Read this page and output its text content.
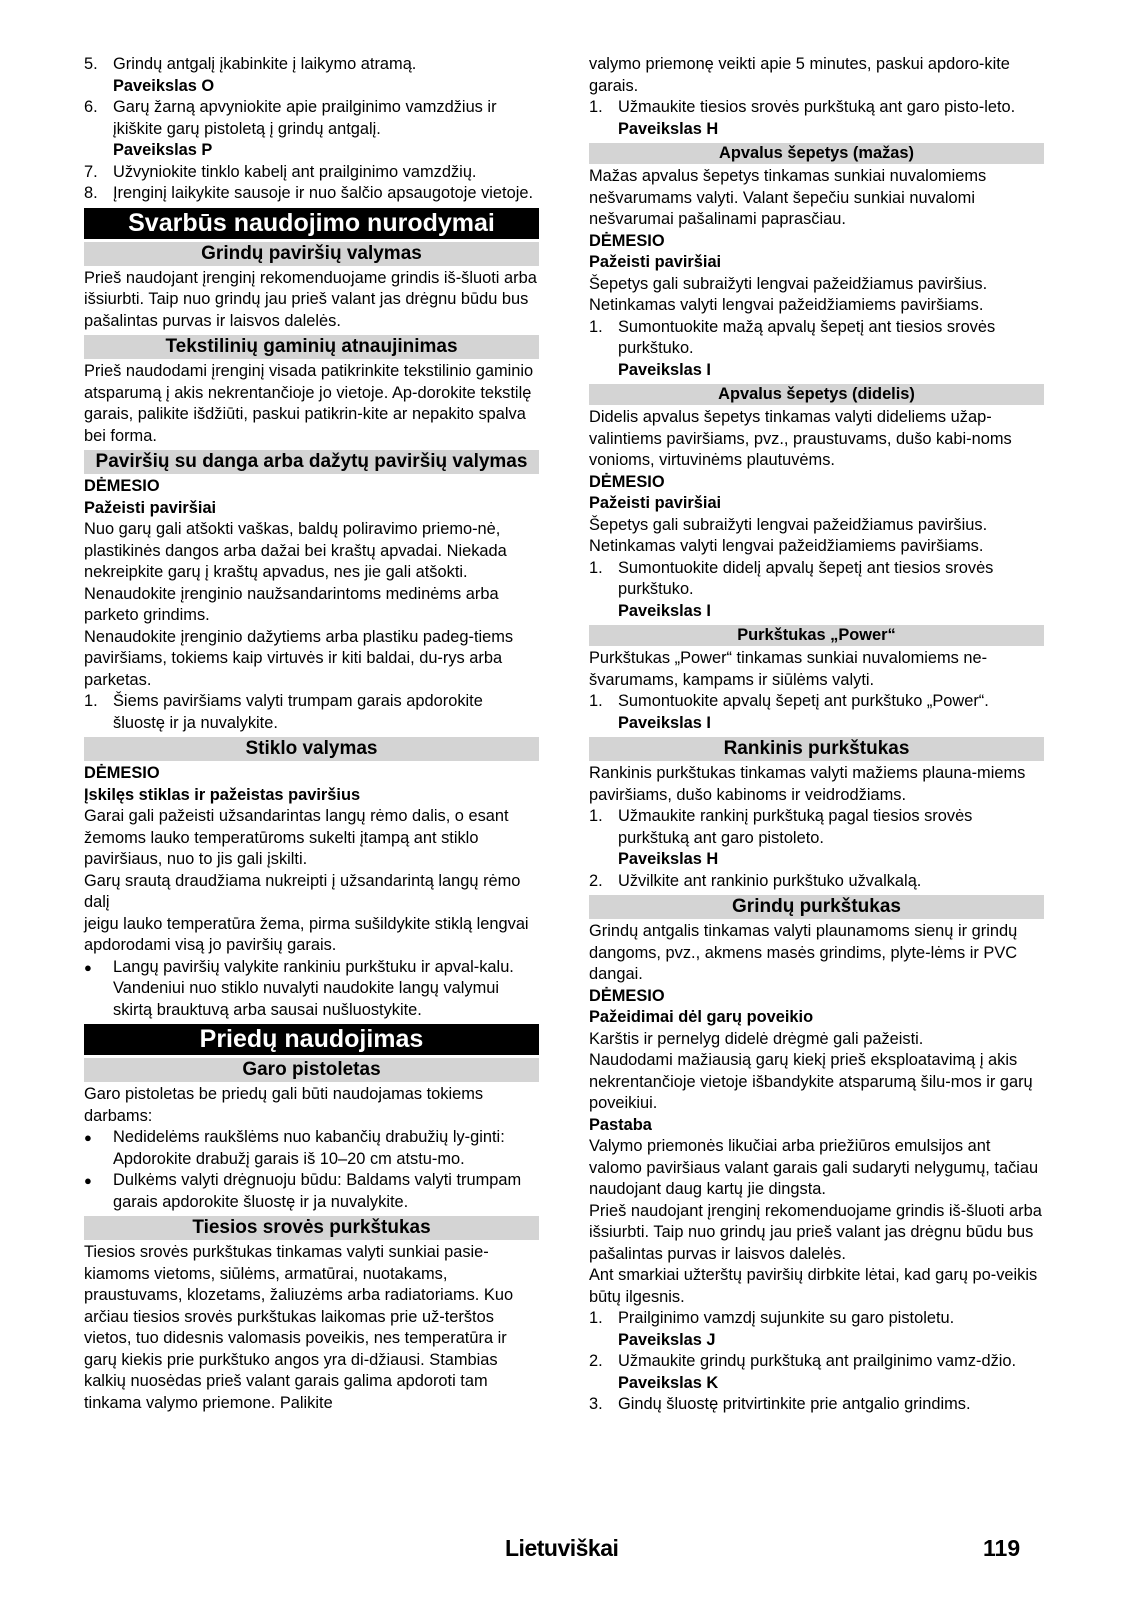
5. Grindų antgalį įkabinkite į laikymo atramą.

Paveikslas O

6. Garų žarną apvyniokite apie prailginimo vamzdžius ir įkiškite garų pistoletą į grindų antgalį.

Paveikslas P

7. Užvyniokite tinklo kabelį ant prailginimo vamzdžių.
8. Įrenginį laikykite sausoje ir nuo šalčio apsaugotoje vietoje.
Svarbūs naudojimo nurodymai
Grindų paviršių valymas

Prieš naudojant įrenginį rekomenduojame grindis iš-šluoti arba išsiurbti. Taip nuo grindų jau prieš valant jas drėgnu būdu bus pašalintas purvas ir laisvos dalelės.

Tekstilinių gaminių atnaujinimas

Prieš naudodami įrenginį visada patikrinkite tekstilinio gaminio atsparumą į akis nekrentančioje jo vietoje. Ap-dorokite tekstilę garais, palikite išdžiūti, paskui patikrin-kite ar nepakito spalva bei forma.

Paviršių su danga arba dažytų paviršių valymas

DĖMESIO

Pažeisti paviršiai

Nuo garų gali atšokti vaškas, baldų poliravimo priemo-nė, plastikinės dangos arba dažai bei kraštų apvadai. Niekada nekreipkite garų į kraštų apvadus, nes jie gali atšokti.

Nenaudokite įrenginio naužsandarintoms medinėms arba parketo grindims.

Nenaudokite įrenginio dažytiems arba plastiku padeg-tiems paviršiams, tokiems kaip virtuvės ir kiti baldai, du-rys arba parketas.

1. Šiems paviršiams valyti trumpam garais apdorokite šluostę ir ja nuvalykite.
Stiklo valymas

DĖMESIO

Įskilęs stiklas ir pažeistas paviršius

Garai gali pažeisti užsandarintas langų rėmo dalis, o esant žemoms lauko temperatūroms sukelti įtampą ant stiklo paviršiaus, nuo to jis gali įskilti.

Garų srautą draudžiama nukreipti į užsandarintą langų rėmo dalį

jeigu lauko temperatūra žema, pirma sušildykite stiklą lengvai apdorodami visą jo paviršių garais.

●	Langų paviršių valykite rankiniu purkštuku ir apval-kalu. Vandeniui nuo stiklo nuvalyti naudokite langų valymui skirtą brauktuvą arba sausai nušluostykite.
Priedų naudojimas
Garo pistoletas

Garo pistoletas be priedų gali būti naudojamas tokiems darbams:

●	Nedidelėms raukšlėms nuo kabančių drabužių ly-ginti: Apdorokite drabužį garais iš 10–20 cm atstu-mo.
●	Dulkėms valyti drėgnuoju būdu: Baldams valyti trumpam garais apdorokite šluostę ir ja nuvalykite.
Tiesios srovės purkštukas

Tiesios srovės purkštukas tinkamas valyti sunkiai pasie-kiamoms vietoms, siūlėms, armatūrai, nuotakams, praustuvams, klozetams, žaliuzėms arba radiatoriams. Kuo arčiau tiesios srovės purkštukas laikomas prie už-terštos vietos, tuo didesnis valomasis poveikis, nes temperatūra ir garų kiekis prie purkštuko angos yra di-džiausi. Stambias kalkių nuosėdas prieš valant garais galima apdoroti tam tinkama valymo priemone. Palikite

valymo priemonę veikti apie 5 minutes, paskui apdoro-kite garais.

1. Užmaukite tiesios srovės purkštuką ant garo pisto-leto.

Paveikslas H

Apvalus šepetys (mažas)

Mažas apvalus šepetys tinkamas sunkiai nuvalomiems nešvarumams valyti. Valant šepečiu sunkiai nuvalomi nešvarumai pašalinami paprasčiau.

DĖMESIO

Pažeisti paviršiai

Šepetys gali subraižyti lengvai pažeidžiamus paviršius. Netinkamas valyti lengvai pažeidžiamiems paviršiams.

1. Sumontuokite mažą apvalų šepetį ant tiesios srovės purkštuko.

Paveikslas I

Apvalus šepetys (didelis)

Didelis apvalus šepetys tinkamas valyti dideliems užap-valintiems paviršiams, pvz., praustuvams, dušo kabi-noms vonioms, virtuvinėms plautuvėms.

DĖMESIO

Pažeisti paviršiai

Šepetys gali subraižyti lengvai pažeidžiamus paviršius. Netinkamas valyti lengvai pažeidžiamiems paviršiams.

1. Sumontuokite didelį apvalų šepetį ant tiesios srovės purkštuko.

Paveikslas I

Purkštukas „Power“

Purkštukas „Power“ tinkamas sunkiai nuvalomiems ne-švarumams, kampams ir siūlėms valyti.

1. Sumontuokite apvalų šepetį ant purkštuko „Power“.

Paveikslas I

Rankinis purkštukas

Rankinis purkštukas tinkamas valyti mažiems plauna-miems paviršiams, dušo kabinoms ir veidrodžiams.

1. Užmaukite rankinį purkštuką pagal tiesios srovės purkštuką ant garo pistoleto.

Paveikslas H

2. Užvilkite ant rankinio purkštuko užvalkalą.
Grindų purkštukas

Grindų antgalis tinkamas valyti plaunamoms sienų ir grindų dangoms, pvz., akmens masės grindims, plyte-lėms ir PVC dangai.

DĖMESIO

Pažeidimai dėl garų poveikio

Karštis ir pernelyg didelė drėgmė gali pažeisti.

Naudodami mažiausią garų kiekį prieš eksploatavimą į akis nekrentančioje vietoje išbandykite atsparumą šilu-mos ir garų poveikiui.

Pastaba

Valymo priemonės likučiai arba priežiūros emulsijos ant valomo paviršiaus valant garais gali sudaryti nelygumų, tačiau naudojant daug kartų jie dingsta.

Prieš naudojant įrenginį rekomenduojame grindis iš-šluoti arba išsiurbti. Taip nuo grindų jau prieš valant jas drėgnu būdu bus pašalintas purvas ir laisvos dalelės.

Ant smarkiai užterštų paviršių dirbkite lėtai, kad garų po-veikis būtų ilgesnis.

1. Prailginimo vamzdį sujunkite su garo pistoletu.

Paveikslas J

2. Užmaukite grindų purkštuką ant prailginimo vamz-džio.

Paveikslas K

3. Gindų šluostę pritvirtinkite prie antgalio grindims.
Lietuviškai	119
